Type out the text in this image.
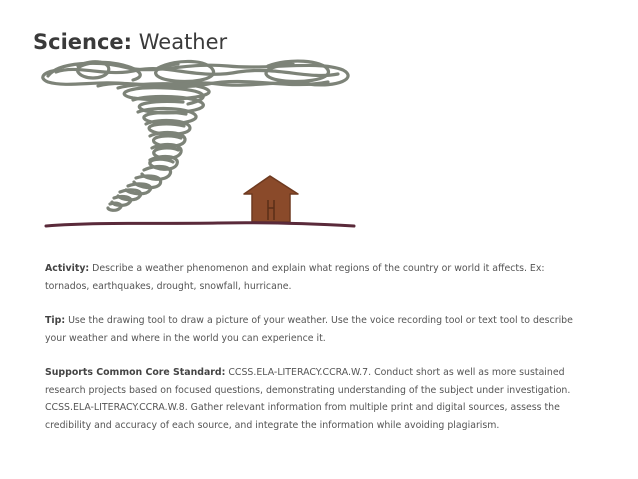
Science: Weather

Activity: Describe a weather phenomenon and explain what regions of the country or world it affects. Ex: tornados, earthquakes, drought, snowfall, hurricane.

Tip: Use the drawing tool to draw a picture of your weather. Use the voice recording tool or text tool to describe your weather and where in the world you can experience it.

Supports Common Core Standard: CCSS.ELA-LITERACY.CCRA.W.7. Conduct short as well as more sustained research projects based on focused questions, demonstrating understanding of the subject under investigation. CCSS.ELA-LITERACY.CCRA.W.8. Gather relevant information from multiple print and digital sources, assess the credibility and accuracy of each source, and integrate the information while avoiding plagiarism.
